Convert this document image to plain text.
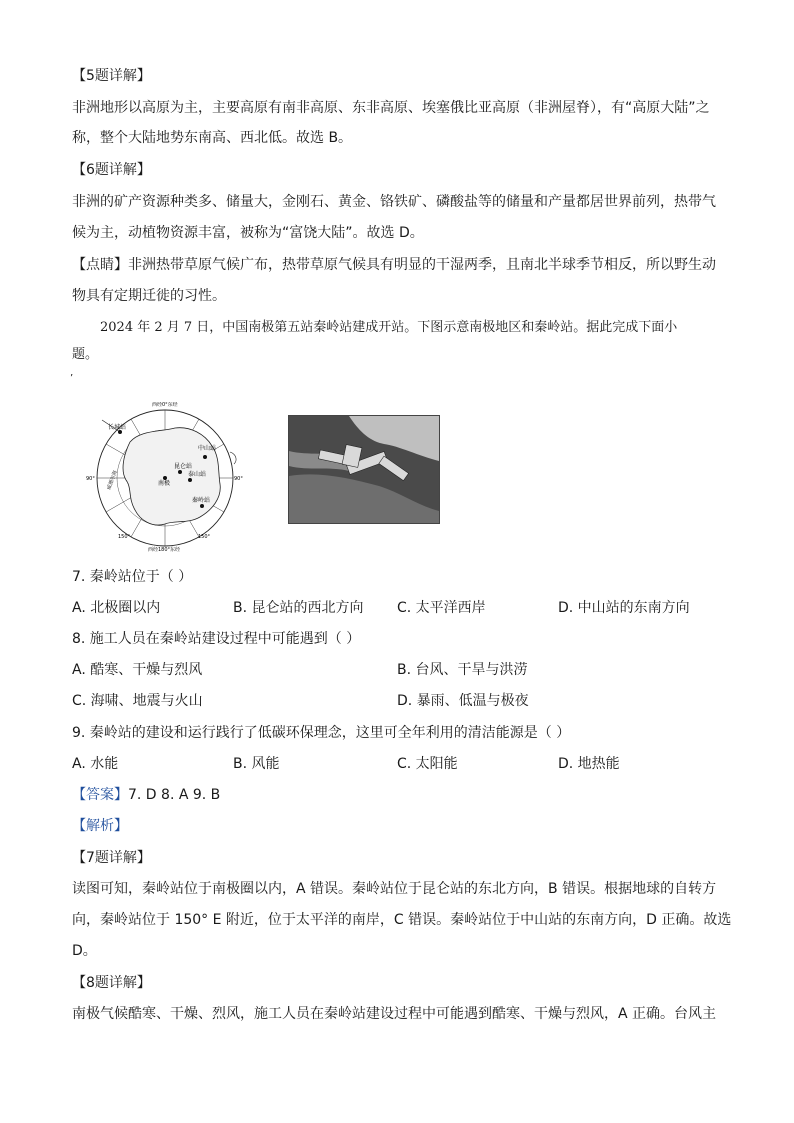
【5题详解】
非洲地形以高原为主，主要高原有南非高原、东非高原、埃塞俄比亚高原（非洲屋脊），有“高原大陆”之
称，整个大陆地势东南高、西北低。故选 B。
【6题详解】
非洲的矿产资源种类多、储量大，金刚石、黄金、铬铁矿、磷酸盐等的储量和产量都居世界前列，热带气
候为主，动植物资源丰富，被称为“富饶大陆”。故选 D。
【点睛】非洲热带草原气候广布，热带草原气候具有明显的干湿两季，且南北半球季节相反，所以野生动
物具有定期迁徙的习性。
2024 年 2 月 7 日，中国南极第五站秦岭站建成开站。下图示意南极地区和秦岭站。据此完成下面小
题。
’
西经0°东经
西经180°东经
90°	90°
150°	150°
长城站
南极
昆仑站
中山站
泰山站
秦岭站
威德尔海
7. 秦岭站位于（ ）
A. 北极圈以内	B. 昆仑站的西北方向 C. 太平洋西岸	D. 中山站的东南方向
8. 施工人员在秦岭站建设过程中可能遇到（ ）
A. 酷寒、干燥与烈风	B. 台风、干旱与洪涝
C. 海啸、地震与火山	D. 暴雨、低温与极夜
9. 秦岭站的建设和运行践行了低碳环保理念，这里可全年利用的清洁能源是（ ）
A. 水能	B. 风能	C. 太阳能	D. 地热能
【答案】7. D 8. A 9. B
【解析】
【7题详解】
读图可知，秦岭站位于南极圈以内，A 错误。秦岭站位于昆仑站的东北方向，B 错误。根据地球的自转方
向，秦岭站位于 150° E 附近，位于太平洋的南岸，C 错误。秦岭站位于中山站的东南方向，D 正确。故选
D。
【8题详解】
南极气候酷寒、干燥、烈风，施工人员在秦岭站建设过程中可能遇到酷寒、干燥与烈风，A 正确。台风主
